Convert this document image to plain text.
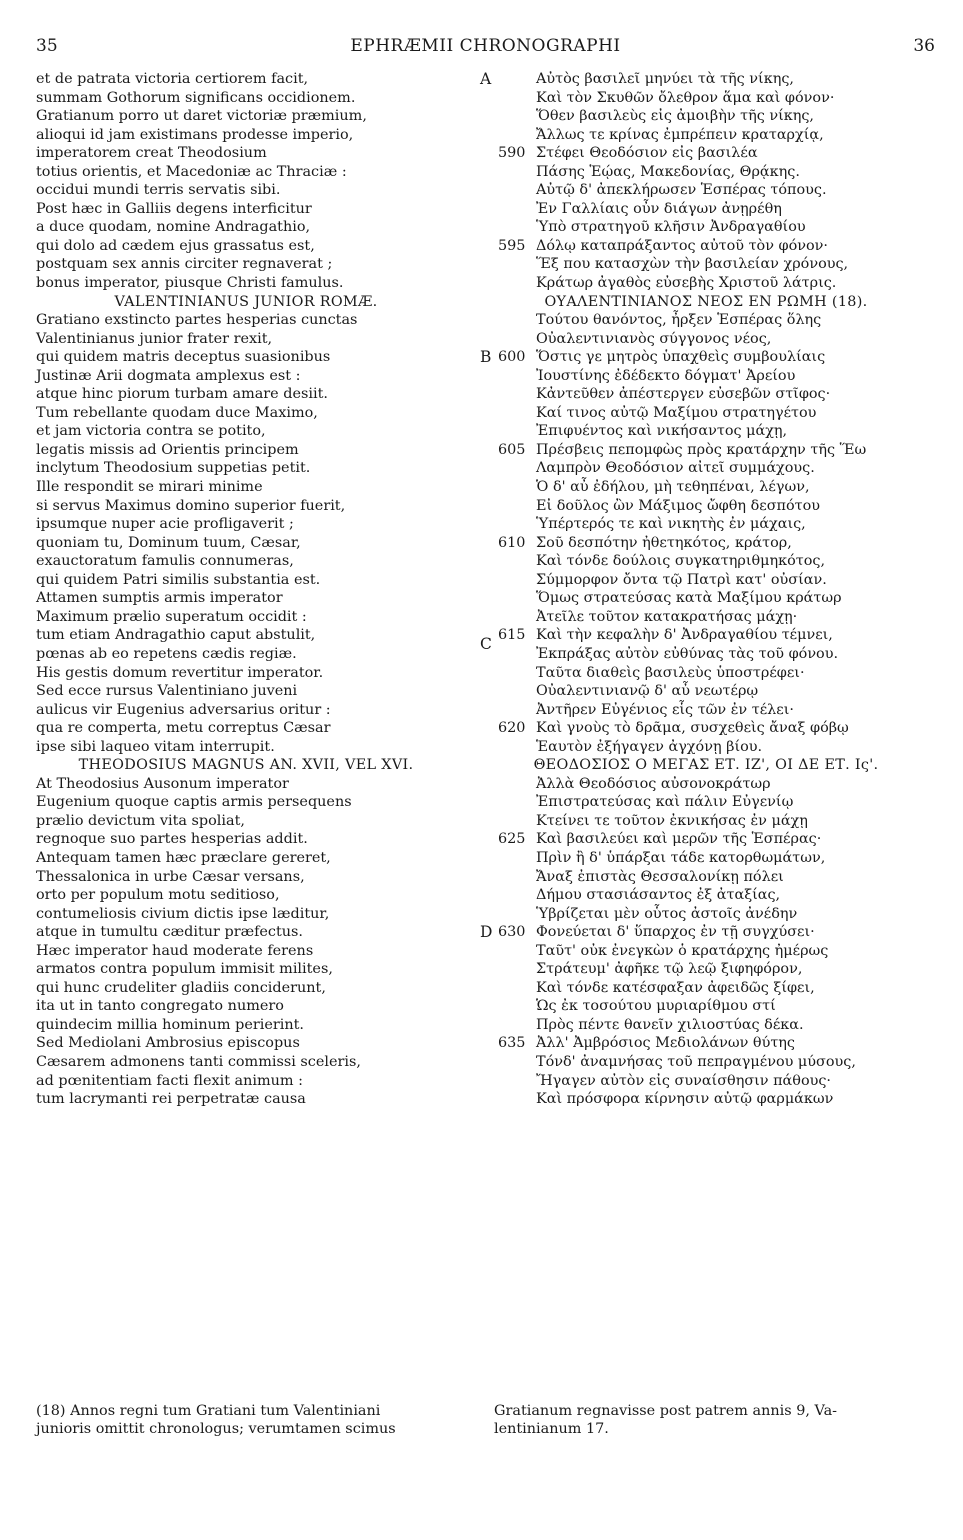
35	EPHRÆMII CHRONOGRAPHI	36
et de patrata victoria certiorem facit,
summam Gothorum significans occidionem.
Gratianum porro ut daret victoriæ præmium,
alioqui id jam existimans prodesse imperio,
imperatorem creat Theodosium
totius orientis, et Macedoniæ ac Thraciæ :
occidui mundi terris servatis sibi.
Post hæc in Galliis degens interficitur
a duce quodam, nomine Andragathio,
qui dolo ad cædem ejus grassatus est,
postquam sex annis circiter regnaverat ;
bonus imperator, piusque Christi famulus.
VALENTINIANUS JUNIOR ROMÆ.
Gratiano exstincto partes hesperias cunctas
Valentinianus junior frater rexit,
qui quidem matris deceptus suasionibus
Justinæ Arii dogmata amplexus est :
atque hinc piorum turbam amare desiit.
Tum rebellante quodam duce Maximo,
et jam victoria contra se potito,
legatis missis ad Orientis principem
inclytum Theodosium suppetias petit.
Ille respondit se mirari minime
si servus Maximus domino superior fuerit,
ipsumque nuper acie profligaverit ;
quoniam tu, Dominum tuum, Cæsar,
exauctoratum famulis connumeras,
qui quidem Patri similis substantia est.
Attamen sumptis armis imperator
Maximum prælio superatum occidit :
tum etiam Andragathio caput abstulit,
pœnas ab eo repetens cædis regiæ.
His gestis domum revertitur imperator.
Sed ecce rursus Valentiniano juveni
aulicus vir Eugenius adversarius oritur :
qua re comperta, metu correptus Cæsar
ipse sibi laqueo vitam interrupit.
THEODOSIUS MAGNUS AN. XVII, VEL XVI.
At Theodosius Ausonum imperator
Eugenium quoque captis armis persequens
prælio devictum vita spoliat,
regnoque suo partes hesperias addit.
Antequam tamen hæc præclare gereret,
Thessalonica in urbe Cæsar versans,
orto per populum motu seditioso,
contumeliosis civium dictis ipse læditur,
atque in tumultu cæditur præfectus.
Hæc imperator haud moderate ferens
armatos contra populum immisit milites,
qui hunc crudeliter gladiis conciderunt,
ita ut in tanto congregato numero
quindecim millia hominum perierint.
Sed Mediolani Ambrosius episcopus
Cæsarem admonens tanti commissi sceleris,
ad pœnitentiam facti flexit animum :
tum lacrymanti rei perpetratæ causa
Αὐτὸς βασιλεῖ μηνύει τὰ τῆς νίκης,
A
Καὶ τὸν Σκυθῶν ὄλεθρον ἅμα καὶ φόνον·
Ὅθεν βασιλεὺς εἰς ἀμοιβὴν τῆς νίκης,
Ἄλλως τε κρίνας ἐμπρέπειν κραταρχίᾳ,
Στέφει Θεοδόσιον εἰς βασιλέα
590
Πάσης Ἑῴας, Μακεδονίας, Θρᾴκης.
Αὐτῷ δ' ἀπεκλήρωσεν Ἑσπέρας τόπους.
Ἐν Γαλλίαις οὖν διάγων ἀνῃρέθη
Ὑπὸ στρατηγοῦ κλῆσιν Ἀνδραγαθίου
Δόλῳ καταπράξαντος αὐτοῦ τὸν φόνον·
595
Ἕξ που κατασχὼν τὴν βασιλείαν χρόνους,
Κράτωρ ἀγαθὸς εὐσεβὴς Χριστοῦ λάτρις.
ΟΥΑΛΕΝΤΙΝΙΑΝΟΣ ΝΕΟΣ ΕΝ ΡΩΜΗ (18).
Τούτου θανόντος, ἦρξεν Ἑσπέρας ὅλης
Οὐαλεντινιανὸς σύγγονος νέος,
Ὅστις γε μητρὸς ὑπαχθεὶς συμβουλίαις
600
B
Ἰουστίνης ἐδέδεκτο δόγματ' Ἀρείου
Κἀντεῦθεν ἀπέστεργεν εὐσεβῶν στῖφος·
Καί τινος αὐτῷ Μαξίμου στρατηγέτου
Ἐπιφυέντος καὶ νικήσαντος μάχῃ,
Πρέσβεις πεπομφὼς πρὸς κρατάρχην τῆς Ἕω
605
Λαμπρὸν Θεοδόσιον αἰτεῖ συμμάχους.
Ὁ δ' αὖ ἐδήλου, μὴ τεθηπέναι, λέγων,
Εἰ δοῦλος ὢν Μάξιμος ὤφθη δεσπότου
Ὑπέρτερός τε καὶ νικητὴς ἐν μάχαις,
Σοῦ δεσπότην ἠθετηκότος, κράτορ,
610
Καὶ τόνδε δούλοις συγκατηριθμηκότος,
Σύμμορφον ὄντα τῷ Πατρὶ κατ' οὐσίαν.
Ὅμως στρατεύσας κατὰ Μαξίμου κράτωρ
Ἀτεῖλε τοῦτον κατακρατήσας μάχῃ·
Καὶ τὴν κεφαλὴν δ' Ἀνδραγαθίου τέμνει,
615
C
Ἐκπράξας αὐτὸν εὐθύνας τὰς τοῦ φόνου.
Ταῦτα διαθεὶς βασιλεὺς ὑποστρέφει·
Οὐαλεντινιανῷ δ' αὖ νεωτέρῳ
Ἀντῆρεν Εὐγένιος εἷς τῶν ἐν τέλει·
Καὶ γνοὺς τὸ δρᾶμα, συσχεθεὶς ἄναξ φόβῳ
620
Ἑαυτὸν ἐξήγαγεν ἀγχόνῃ βίου.
ΘΕΟΔΟΣΙΟΣ Ο ΜΕΓΑΣ ΕΤ. ΙΖ', ΟΙ ΔΕ ΕΤ. Ις'.
Ἀλλὰ Θεοδόσιος αὐσονοκράτωρ
Ἐπιστρατεύσας καὶ πάλιν Εὐγενίῳ
Κτείνει τε τοῦτον ἐκνικήσας ἐν μάχῃ
Καὶ βασιλεύει καὶ μερῶν τῆς Ἑσπέρας·
625
Πρὶν ἢ δ' ὑπάρξαι τάδε κατορθωμάτων,
Ἄναξ ἐπιστὰς Θεσσαλονίκῃ πόλει
Δήμου στασιάσαντος ἐξ ἀταξίας,
Ὑβρίζεται μὲν οὗτος ἀστοῖς ἀνέδην
Φονεύεται δ' ὕπαρχος ἐν τῇ συγχύσει·
630
D
Ταῦτ' οὐκ ἐνεγκὼν ὁ κρατάρχης ἠμέρως
Στράτευμ' ἀφῆκε τῷ λεῷ ξιφηφόρον,
Καὶ τόνδε κατέσφαξαν ἀφειδῶς ξίφει,
Ὡς ἐκ τοσούτου μυριαρίθμου στί
Πρὸς πέντε θανεῖν χιλιοστύας δέκα.
Ἀλλ' Ἀμβρόσιος Μεδιολάνων θύτης
635
Τόνδ' ἀναμνήσας τοῦ πεπραγμένου μύσους,
Ἤγαγεν αὐτὸν εἰς συναίσθησιν πάθους·
Καὶ πρόσφορα κίρνησιν αὐτῷ φαρμάκων
(18) Annos regni tum Gratiani tum Valentiniani
junioris omittit chronologus; verumtamen scimus
Gratianum regnavisse post patrem annis 9, Va-
lentinianum 17.
